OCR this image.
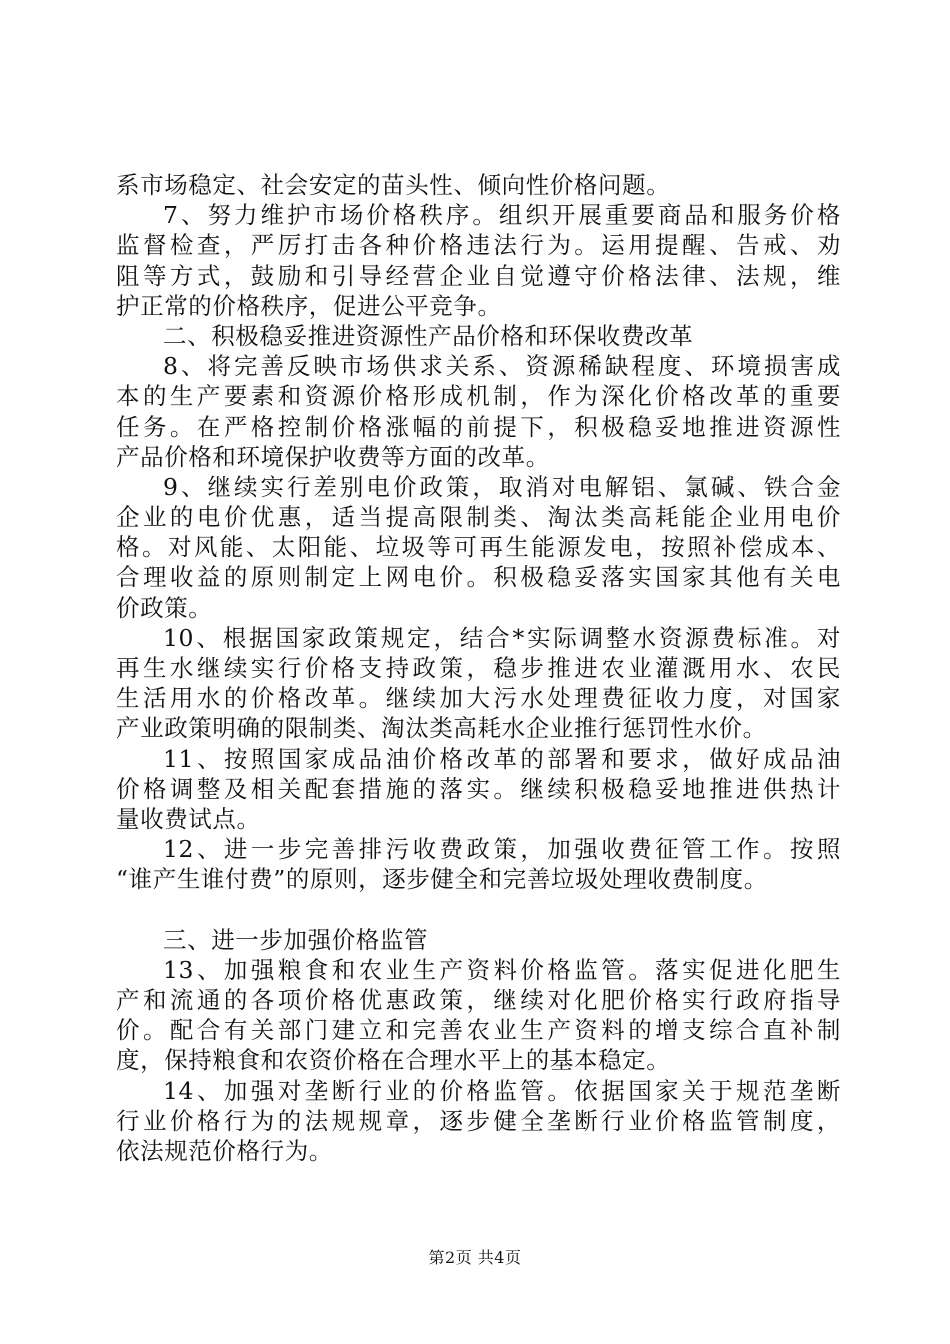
系市场稳定、社会安定的苗头性、倾向性价格问题。
7、努力维护市场价格秩序。组织开展重要商品和服务价格
监督检查，严厉打击各种价格违法行为。运用提醒、告戒、劝
阻等方式，鼓励和引导经营企业自觉遵守价格法律、法规，维
护正常的价格秩序，促进公平竞争。
二、积极稳妥推进资源性产品价格和环保收费改革
8、将完善反映市场供求关系、资源稀缺程度、环境损害成
本的生产要素和资源价格形成机制，作为深化价格改革的重要
任务。在严格控制价格涨幅的前提下，积极稳妥地推进资源性
产品价格和环境保护收费等方面的改革。
9、继续实行差别电价政策，取消对电解铝、氯碱、铁合金
企业的电价优惠，适当提高限制类、淘汰类高耗能企业用电价
格。对风能、太阳能、垃圾等可再生能源发电，按照补偿成本、
合理收益的原则制定上网电价。积极稳妥落实国家其他有关电
价政策。
10、根据国家政策规定，结合*实际调整水资源费标准。对
再生水继续实行价格支持政策，稳步推进农业灌溉用水、农民
生活用水的价格改革。继续加大污水处理费征收力度，对国家
产业政策明确的限制类、淘汰类高耗水企业推行惩罚性水价。
11、按照国家成品油价格改革的部署和要求，做好成品油
价格调整及相关配套措施的落实。继续积极稳妥地推进供热计
量收费试点。
12、进一步完善排污收费政策，加强收费征管工作。按照
“谁产生谁付费”的原则，逐步健全和完善垃圾处理收费制度。
三、进一步加强价格监管
13、加强粮食和农业生产资料价格监管。落实促进化肥生
产和流通的各项价格优惠政策，继续对化肥价格实行政府指导
价。配合有关部门建立和完善农业生产资料的增支综合直补制
度，保持粮食和农资价格在合理水平上的基本稳定。
14、加强对垄断行业的价格监管。依据国家关于规范垄断
行业价格行为的法规规章，逐步健全垄断行业价格监管制度，
依法规范价格行为。
第2页 共4页
